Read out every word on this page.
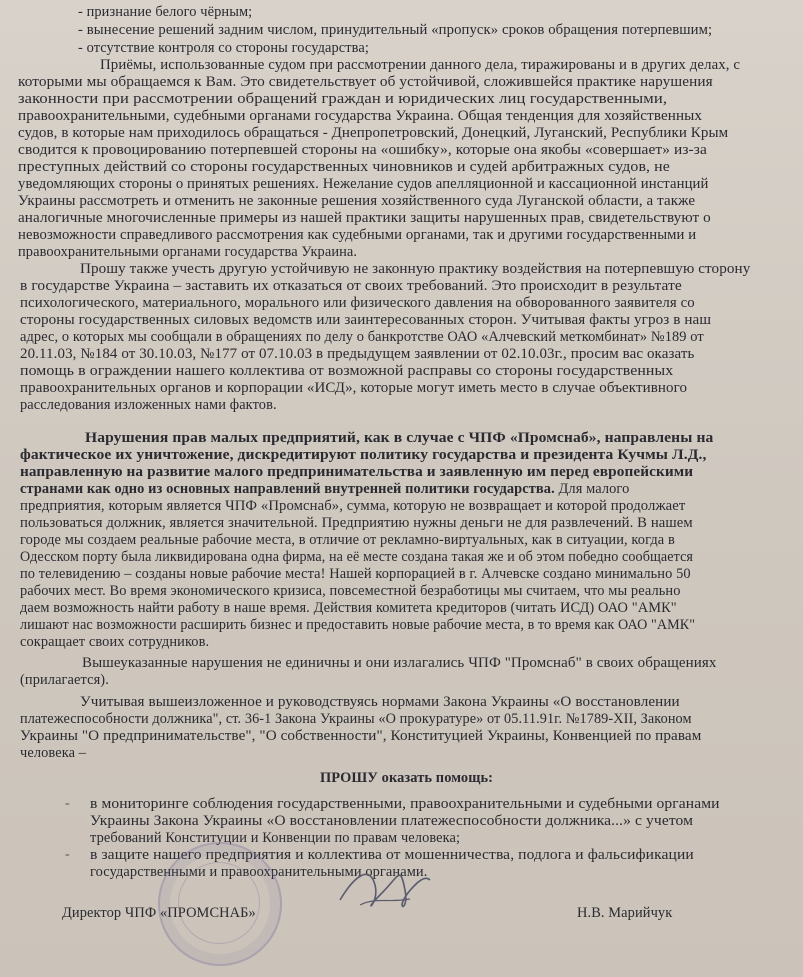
- признание белого чёрным;
- вынесение решений задним числом, принудительный «пропуск» сроков обращения потерпевшим;
- отсутствие контроля со стороны государства;
Приёмы, использованные судом при рассмотрении данного дела, тиражированы и в других делах, с
которыми мы обращаемся к Вам. Это свидетельствует об устойчивой, сложившейся практике нарушения
законности при рассмотрении обращений граждан и юридических лиц государственными,
правоохранительными, судебными органами государства Украина. Общая тенденция для хозяйственных
судов, в которые нам приходилось обращаться - Днепропетровский, Донецкий, Луганский, Республики Крым
сводится к провоцированию потерпевшей стороны на «ошибку», которые она якобы «совершает» из-за
преступных действий со стороны государственных чиновников и судей арбитражных судов, не
уведомляющих стороны о принятых решениях. Нежелание судов апелляционной и кассационной инстанций
Украины рассмотреть и отменить не законные решения хозяйственного суда Луганской области, а также
аналогичные многочисленные примеры из нашей практики защиты нарушенных прав, свидетельствуют о
невозможности справедливого рассмотрения как судебными органами, так и другими государственными и
правоохранительными органами государства Украина.
Прошу также учесть другую устойчивую не законную практику воздействия на потерпевшую сторону
в государстве Украина – заставить их отказаться от своих требований. Это происходит в результате
психологического, материального, морального или физического давления на обворованного заявителя со
стороны государственных силовых ведомств или заинтересованных сторон. Учитывая факты угроз в наш
адрес, о которых мы сообщали в обращениях по делу о банкротстве ОАО «Алчевский меткомбинат» №189 от
20.11.03, №184 от 30.10.03, №177 от 07.10.03 в предыдущем заявлении от 02.10.03г., просим вас оказать
помощь в ограждении нашего коллектива от возможной расправы со стороны государственных
правоохранительных органов и корпорации «ИСД», которые могут иметь место в случае объективного
расследования изложенных нами фактов.
Нарушения прав малых предприятий, как в случае с ЧПФ «Промснаб», направлены на
фактическое их уничтожение, дискредитируют политику государства и президента Кучмы Л.Д.,
направленную на развитие малого предпринимательства и заявленную им перед европейскими
странами как одно из основных направлений внутренней политики государства. Для малого
предприятия, которым является ЧПФ «Промснаб», сумма, которую не возвращает и которой продолжает
пользоваться должник, является значительной. Предприятию нужны деньги не для развлечений. В нашем
городе мы создаем реальные рабочие места, в отличие от рекламно-виртуальных, как в ситуации, когда в
Одесском порту была ликвидирована одна фирма, на её месте создана такая же и об этом победно сообщается
по телевидению – созданы новые рабочие места! Нашей корпорацией в г. Алчевске создано минимально 50
рабочих мест. Во время экономического кризиса, повсеместной безработицы мы считаем, что мы реально
даем возможность найти работу в наше время. Действия комитета кредиторов (читать ИСД) ОАО "АМК"
лишают нас возможности расширить бизнес и предоставить новые рабочие места, в то время как ОАО "АМК"
сокращает своих сотрудников.
Вышеуказанные нарушения не единичны и они излагались ЧПФ "Промснаб" в своих обращениях
(прилагается).
Учитывая вышеизложенное и руководствуясь нормами Закона Украины «О восстановлении
платежеспособности должника", ст. 36-1 Закона Украины «О прокуратуре» от 05.11.91г. №1789-XII, Законом
Украины "О предпринимательстве", "О собственности", Конституцией Украины, Конвенцией по правам
человека –
ПРОШУ оказать помощь:
- в мониторинге соблюдения государственными, правоохранительными и судебными органами
Украины Закона Украины «О восстановлении платежеспособности должника...» с учетом
требований Конституции и Конвенции по правам человека;
- в защите нашего предприятия и коллектива от мошенничества, подлога и фальсификации
государственными и правоохранительными органами.
Директор ЧПФ «ПРОМСНАБ»	Н.В. Марийчук
